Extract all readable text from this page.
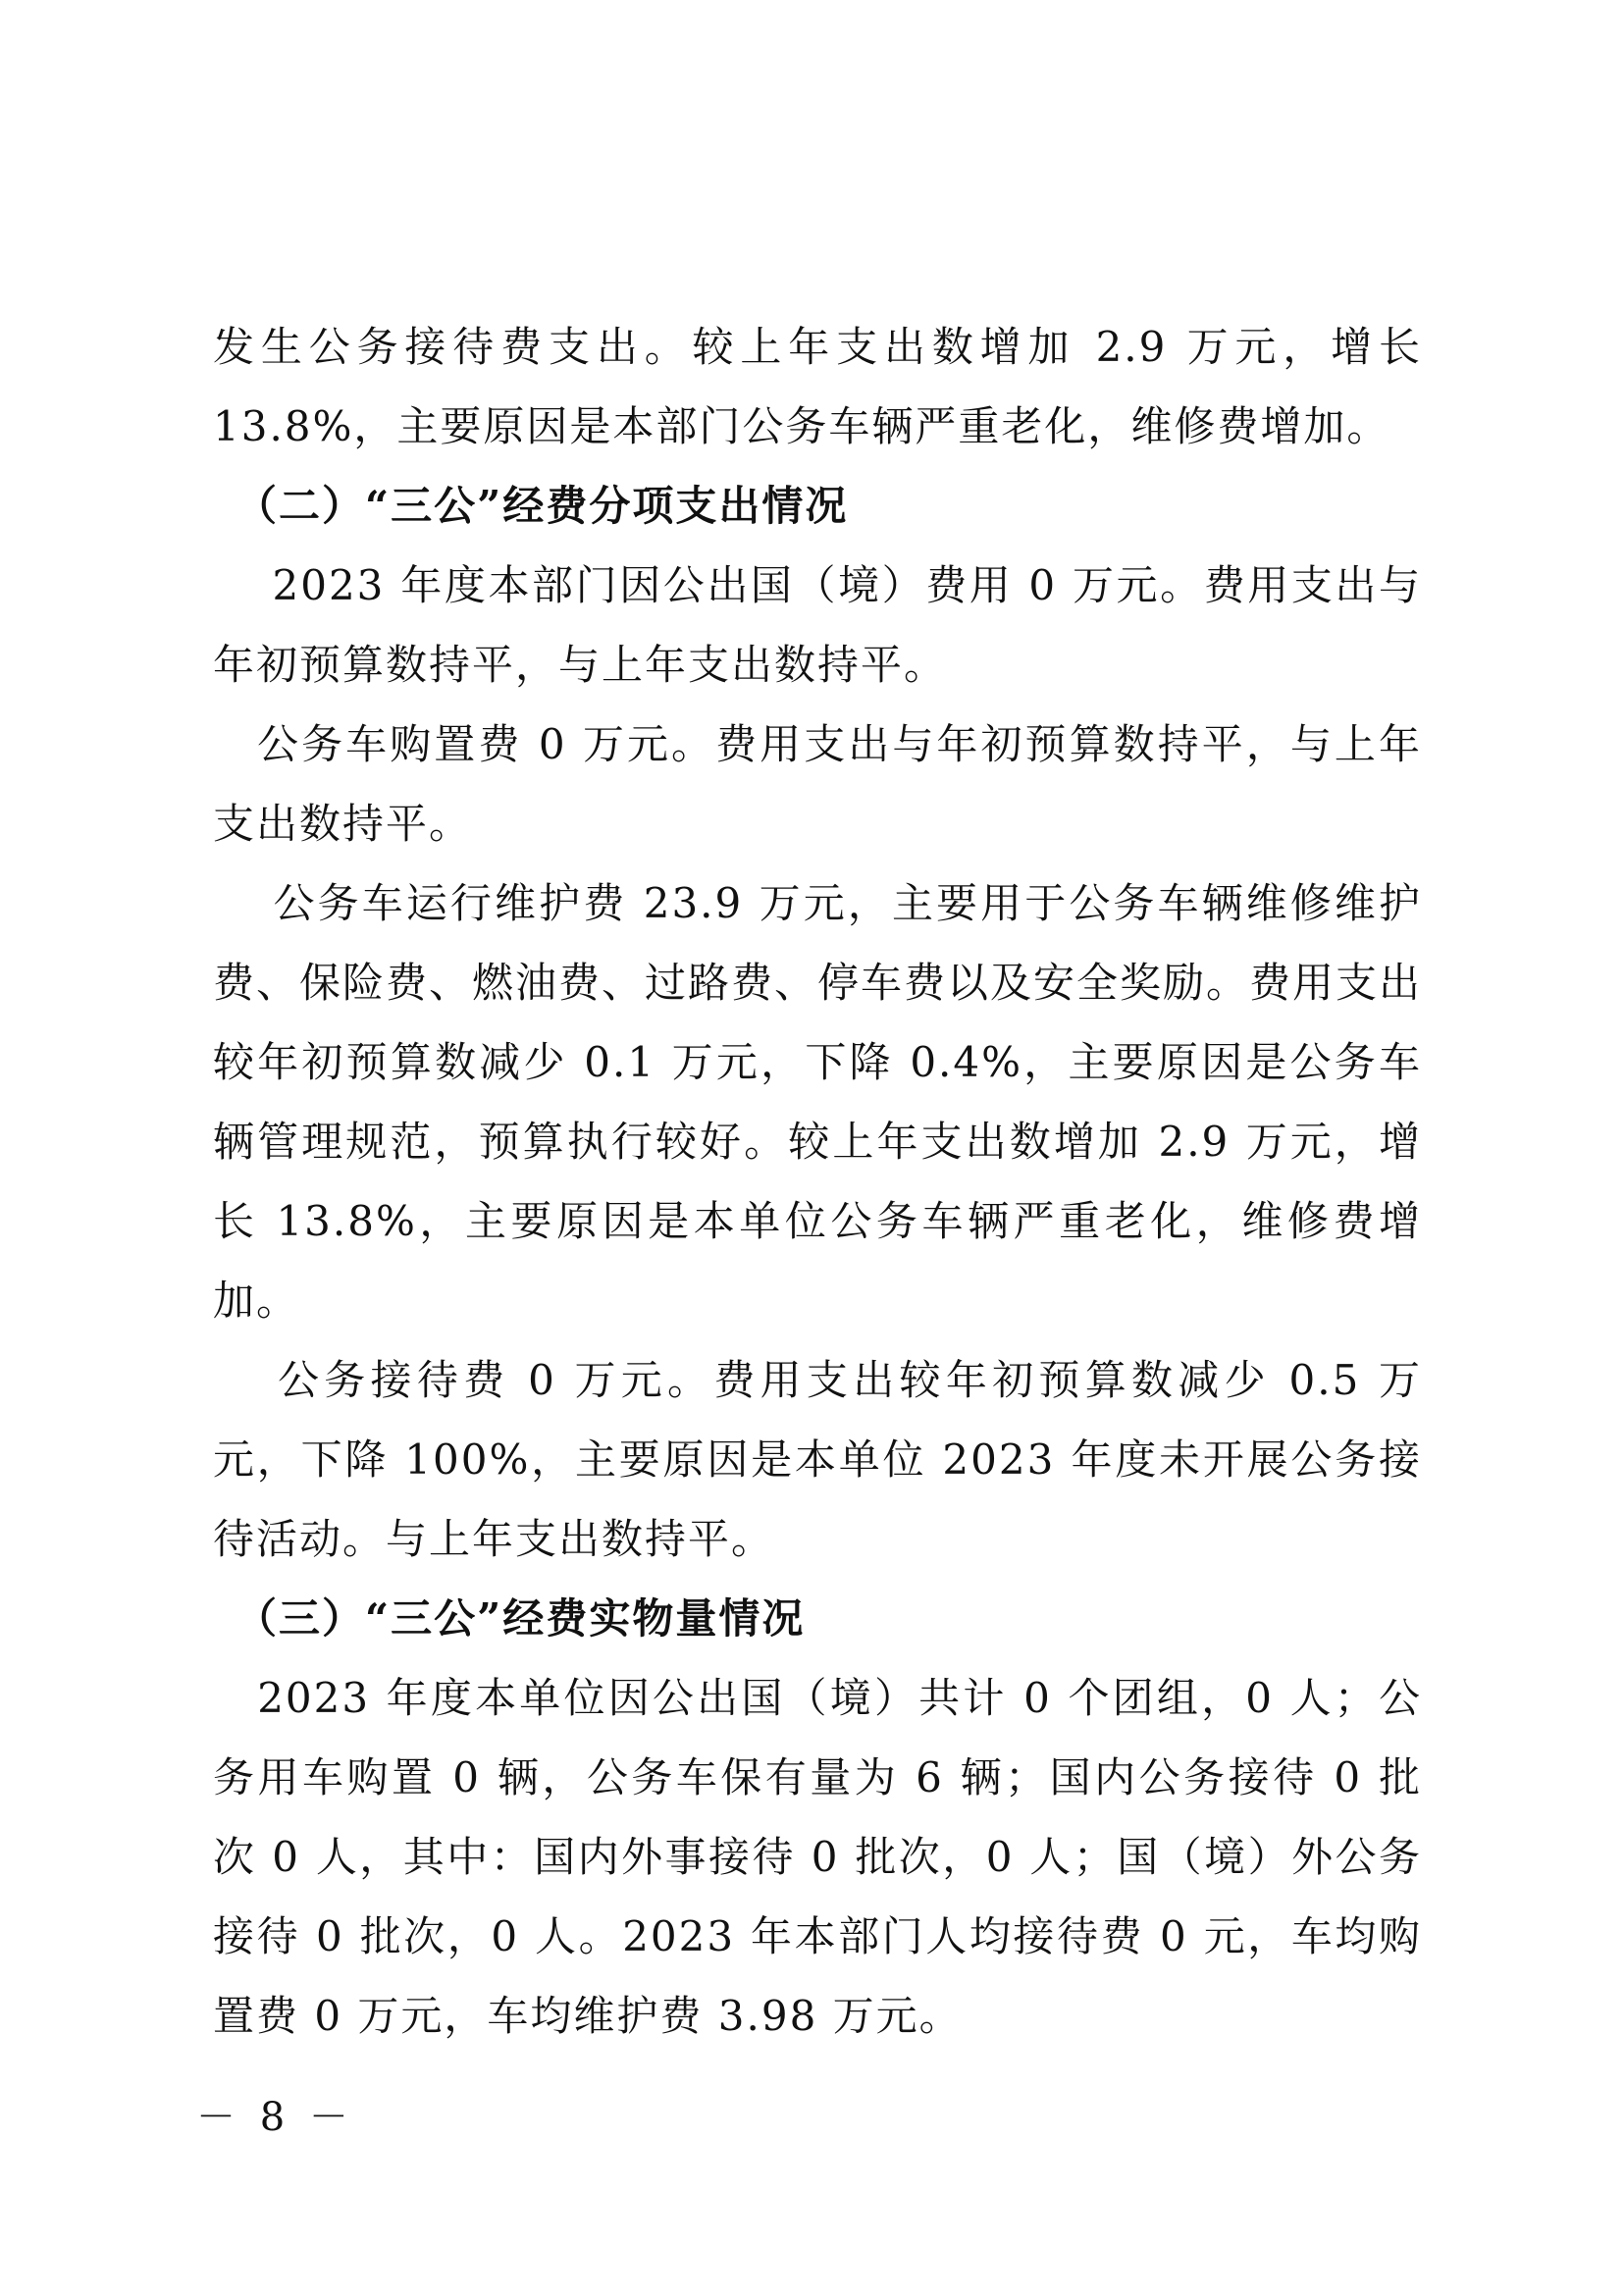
发生公务接待费支出。较上年支出数增加 2.9 万元，增长 13.8%，主要原因是本部门公务车辆严重老化，维修费增加。

　（二）“三公”经费分项支出情况

　 2023 年度本部门因公出国（境）费用 0 万元。费用支出与年初预算数持平，与上年支出数持平。

　公务车购置费 0 万元。费用支出与年初预算数持平，与上年支出数持平。

　 公务车运行维护费 23.9 万元，主要用于公务车辆维修维护费、保险费、燃油费、过路费、停车费以及安全奖励。费用支出较年初预算数减少 0.1 万元，下降 0.4%，主要原因是公务车辆管理规范，预算执行较好。较上年支出数增加 2.9 万元，增长 13.8%，主要原因是本单位公务车辆严重老化，维修费增加。

　 公务接待费 0 万元。费用支出较年初预算数减少 0.5 万元，下降 100%，主要原因是本单位 2023 年度未开展公务接待活动。与上年支出数持平。

　（三）“三公”经费实物量情况

　2023 年度本单位因公出国（境）共计 0 个团组，0 人；公务用车购置 0 辆，公务车保有量为 6 辆；国内公务接待 0 批次 0 人，其中：国内外事接待 0 批次，0 人；国（境）外公务接待 0 批次，0 人。2023 年本部门人均接待费 0 元，车均购置费 0 万元，车均维护费 3.98 万元。

－ 8 －
